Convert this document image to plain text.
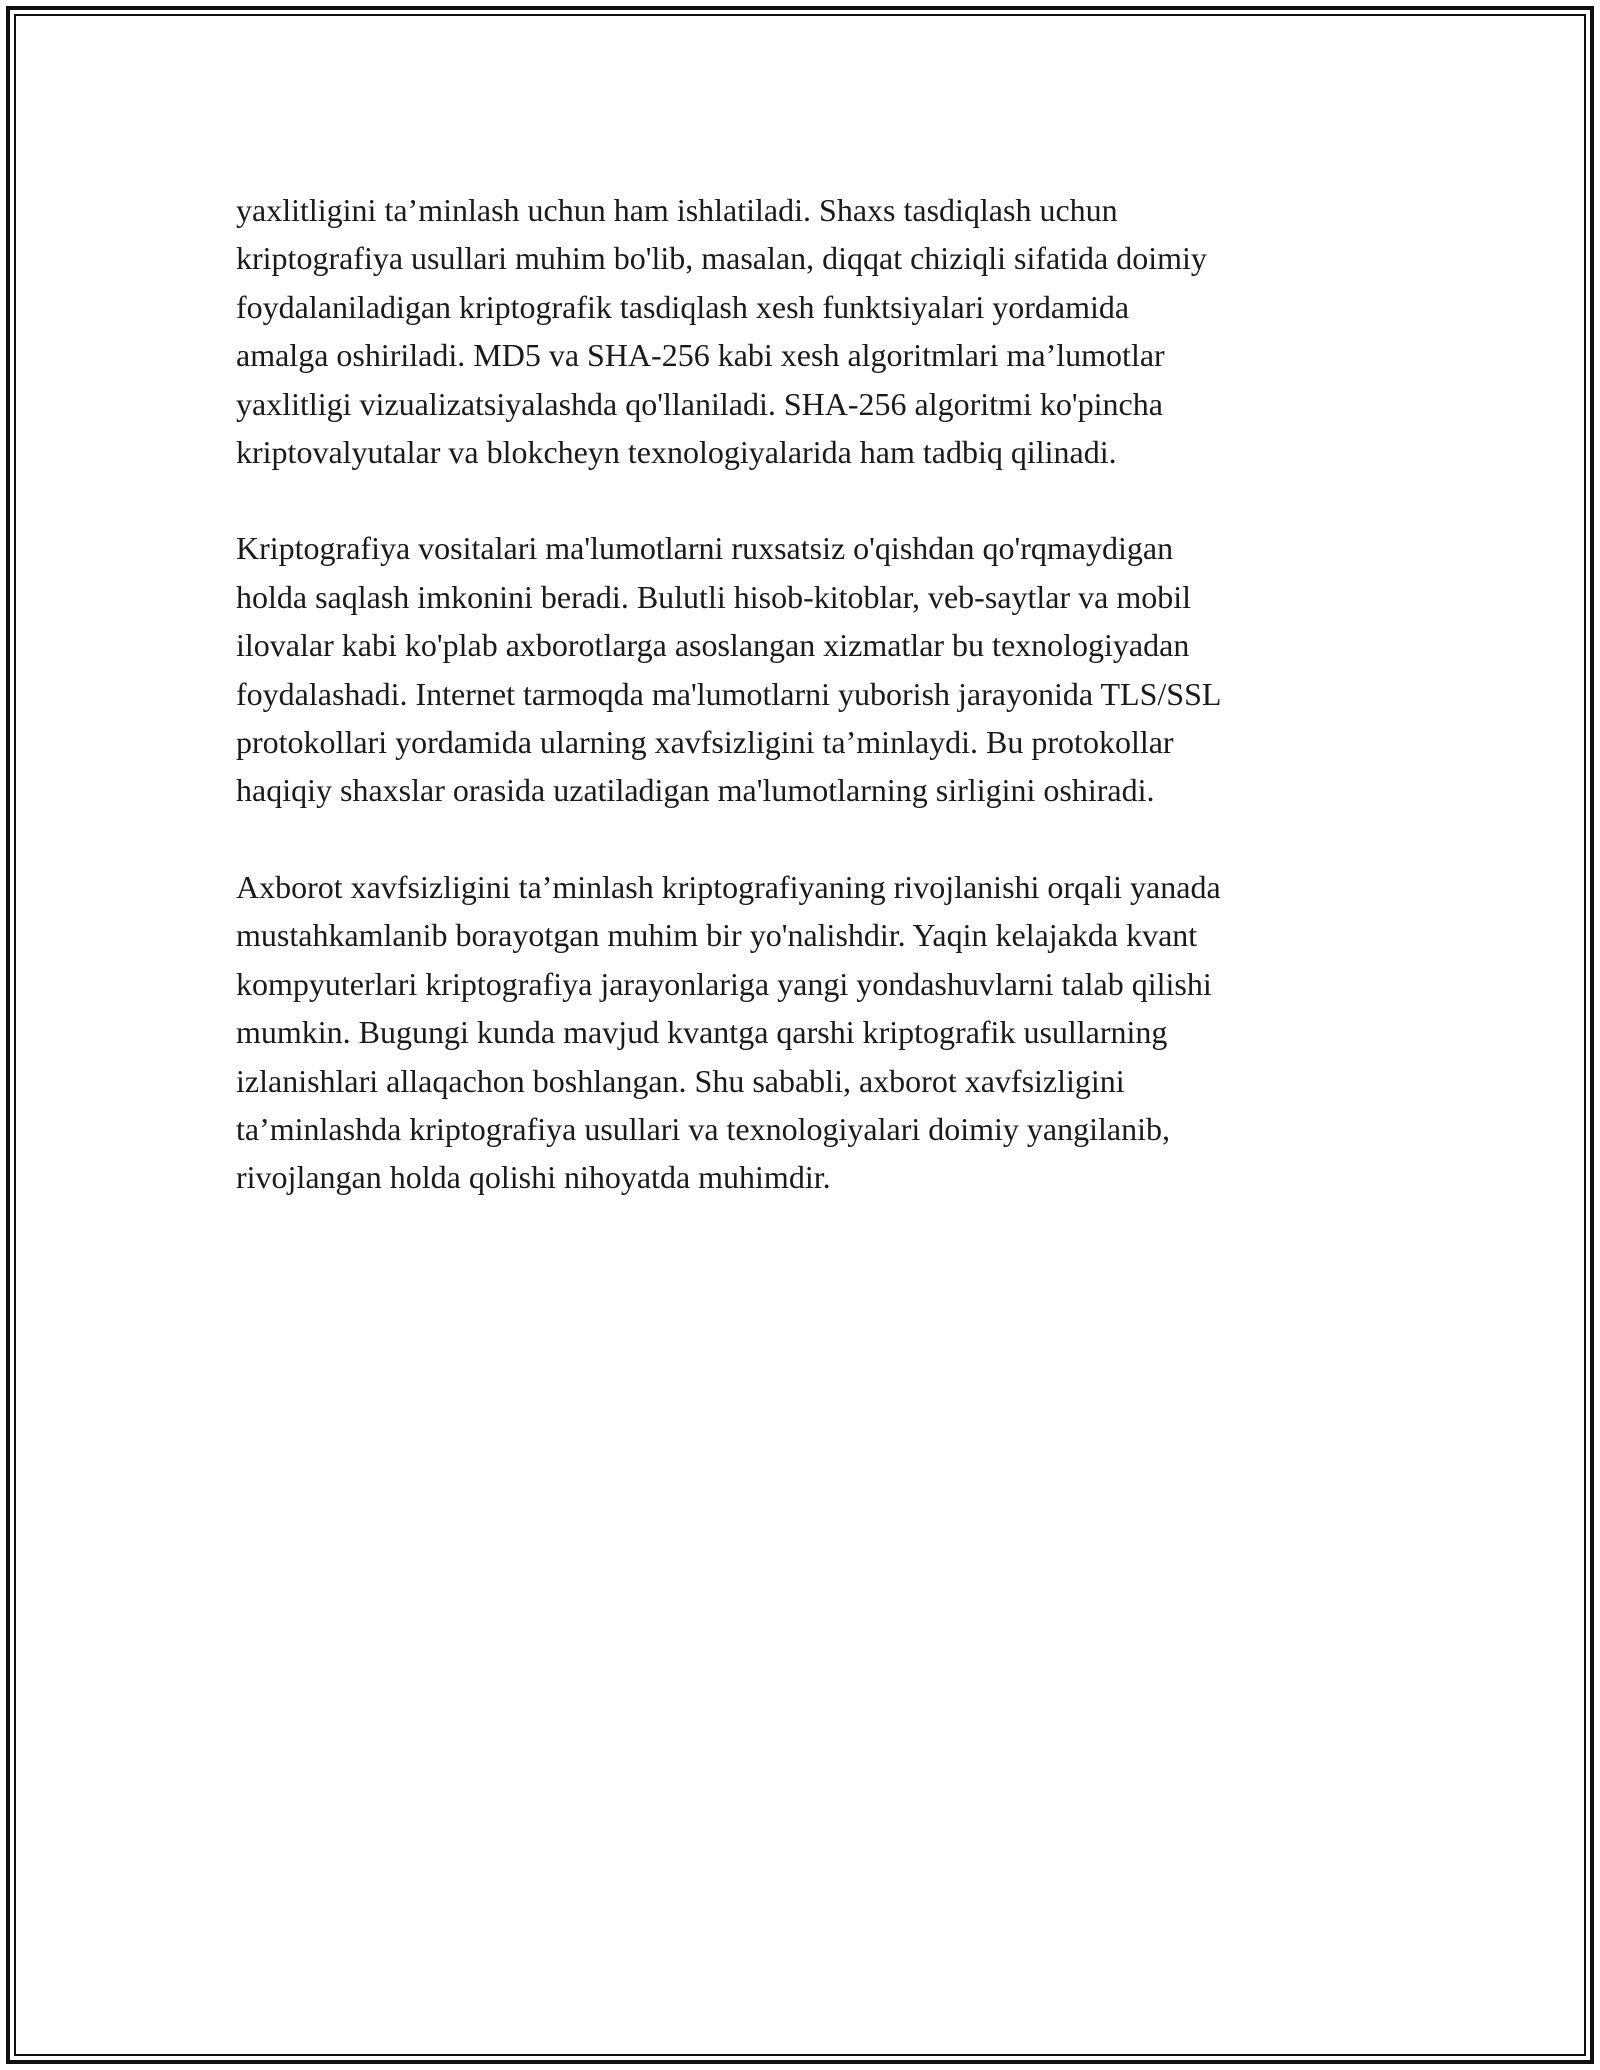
yaxlitligini ta’minlash uchun ham ishlatiladi. Shaxs tasdiqlash uchun
kriptografiya usullari muhim bo'lib, masalan, diqqat chiziqli sifatida doimiy
foydalaniladigan kriptografik tasdiqlash xesh funktsiyalari yordamida
amalga oshiriladi. MD5 va SHA-256 kabi xesh algoritmlari ma’lumotlar
yaxlitligi vizualizatsiyalashda qo'llaniladi. SHA-256 algoritmi ko'pincha
kriptovalyutalar va blokcheyn texnologiyalarida ham tadbiq qilinadi.

Kriptografiya vositalari ma'lumotlarni ruxsatsiz o'qishdan qo'rqmaydigan
holda saqlash imkonini beradi. Bulutli hisob-kitoblar, veb-saytlar va mobil
ilovalar kabi ko'plab axborotlarga asoslangan xizmatlar bu texnologiyadan
foydalashadi. Internet tarmoqda ma'lumotlarni yuborish jarayonida TLS/SSL
protokollari yordamida ularning xavfsizligini ta’minlaydi. Bu protokollar
haqiqiy shaxslar orasida uzatiladigan ma'lumotlarning sirligini oshiradi.

Axborot xavfsizligini ta’minlash kriptografiyaning rivojlanishi orqali yanada
mustahkamlanib borayotgan muhim bir yo'nalishdir. Yaqin kelajakda kvant
kompyuterlari kriptografiya jarayonlariga yangi yondashuvlarni talab qilishi
mumkin. Bugungi kunda mavjud kvantga qarshi kriptografik usullarning
izlanishlari allaqachon boshlangan. Shu sababli, axborot xavfsizligini
ta’minlashda kriptografiya usullari va texnologiyalari doimiy yangilanib,
rivojlangan holda qolishi nihoyatda muhimdir.
